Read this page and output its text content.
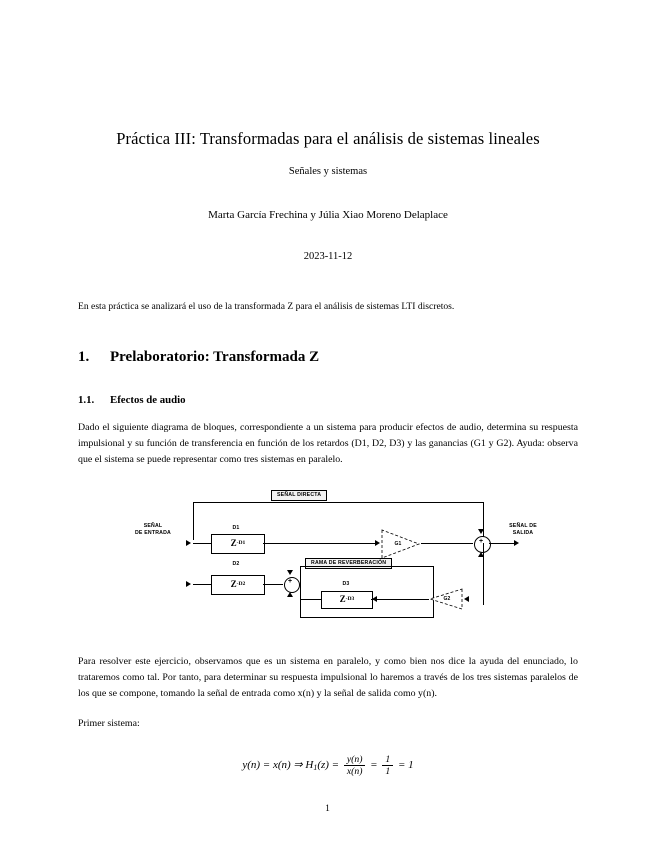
Práctica III: Transformadas para el análisis de sistemas lineales
Señales y sistemas
Marta García Frechina y Júlia Xiao Moreno Delaplace
2023-11-12
En esta práctica se analizará el uso de la transformada Z para el análisis de sistemas LTI discretos.
1. Prelaboratorio: Transformada Z
1.1. Efectos de audio

Dado el siguiente diagrama de bloques, correspondiente a un sistema para producir efectos de audio, determina su respuesta impulsional y su función de transferencia en función de los retardos (D1, D2, D3) y las ganancias (G1 y G2). Ayuda: observa que el sistema se puede representar como tres sistemas en paralelo.

SEÑAL DIRECTA
SEÑAL
DE ENTRADA
SEÑAL DE
SALIDA
D1
Z -D1	G1	+
D2
Z -D2	+
RAMA DE REVERBERACIÓN
D3
Z -D3	G2

Para resolver este ejercicio, observamos que es un sistema en paralelo, y como bien nos dice la ayuda del enunciado, lo trataremos como tal. Por tanto, para determinar su respuesta impulsional lo haremos a través de los tres sistemas paralelos de los que se compone, tomando la señal de entrada como x(n) y la señal de salida como y(n).

Primer sistema:

y(n) = x(n) ⇒ $H_1(z) = \frac{y(n)}{x(n)} = \frac{1}{1} = 1$
1
